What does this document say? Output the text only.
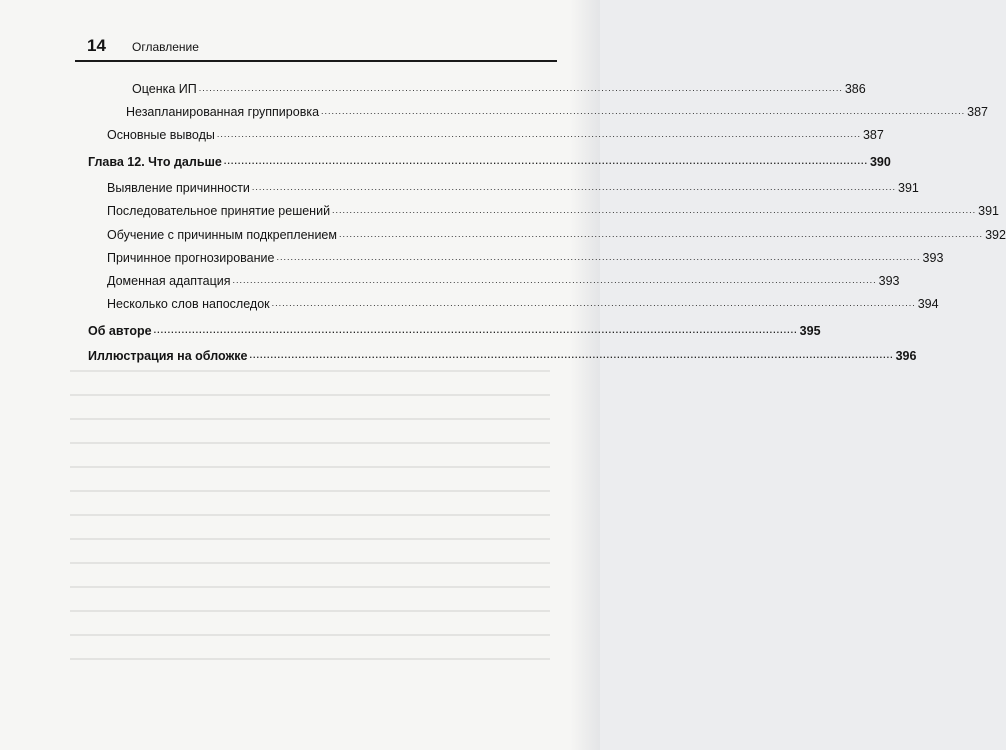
14 Оглавление
Оценка ИП ........................................................................................................................................................................................ 386
Незапланированная группировка ........................................................................................................................................................................................ 387
Основные выводы ........................................................................................................................................................................................ 387
Глава 12. Что дальше ........................................................................................................................................................................................ 390
Выявление причинности ........................................................................................................................................................................................ 391
Последовательное принятие решений ........................................................................................................................................................................................ 391
Обучение с причинным подкреплением ........................................................................................................................................................................................ 392
Причинное прогнозирование ........................................................................................................................................................................................ 393
Доменная адаптация ........................................................................................................................................................................................ 393
Несколько слов напоследок ........................................................................................................................................................................................ 394
Об авторе ........................................................................................................................................................................................ 395
Иллюстрация на обложке ........................................................................................................................................................................................ 396
